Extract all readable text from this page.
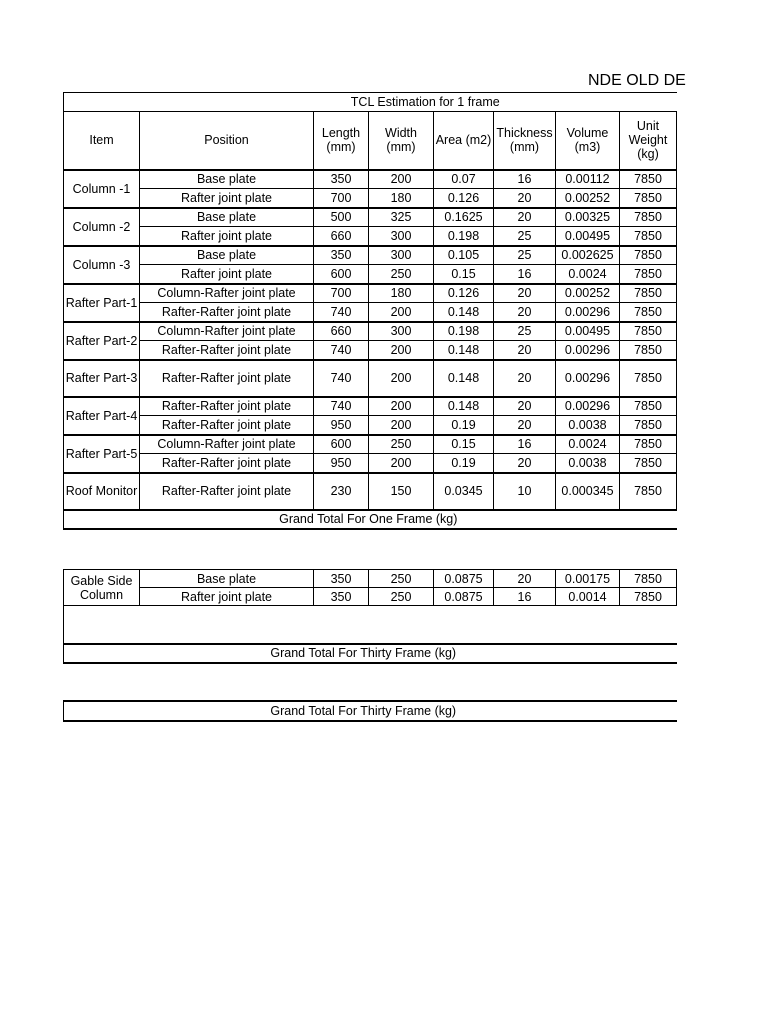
NDE OLD DE
TCL Estimation for 1 frame							
Item	Position	Length (mm)	Width (mm)	Area (m2)	Thickness (mm)	Volume (m3)	Unit Weight (kg)
Column -1	Base plate	350	200	0.07	16	0.00112	7850
	Rafter joint plate	700	180	0.126	20	0.00252	7850
Column -2	Base plate	500	325	0.1625	20	0.00325	7850
	Rafter joint plate	660	300	0.198	25	0.00495	7850
Column -3	Base plate	350	300	0.105	25	0.002625	7850
	Rafter joint plate	600	250	0.15	16	0.0024	7850
Rafter Part-1	Column-Rafter joint plate	700	180	0.126	20	0.00252	7850
	Rafter-Rafter joint plate	740	200	0.148	20	0.00296	7850
Rafter Part-2	Column-Rafter joint plate	660	300	0.198	25	0.00495	7850
	Rafter-Rafter joint plate	740	200	0.148	20	0.00296	7850
Rafter Part-3	Rafter-Rafter joint plate	740	200	0.148	20	0.00296	7850
Rafter Part-4	Rafter-Rafter joint plate	740	200	0.148	20	0.00296	7850
	Rafter-Rafter joint plate	950	200	0.19	20	0.0038	7850
Rafter Part-5	Column-Rafter joint plate	600	250	0.15	16	0.0024	7850
	Rafter-Rafter joint plate	950	200	0.19	20	0.0038	7850
Roof Monitor	Rafter-Rafter joint plate	230	150	0.0345	10	0.000345	7850
Grand Total For One Frame (kg)							
Gable Side Column	Base plate	350	250	0.0875	20	0.00175	7850
	Rafter joint plate	350	250	0.0875	16	0.0014	7850

Grand Total For Thirty Frame (kg)							
Grand Total For Thirty Frame (kg)
